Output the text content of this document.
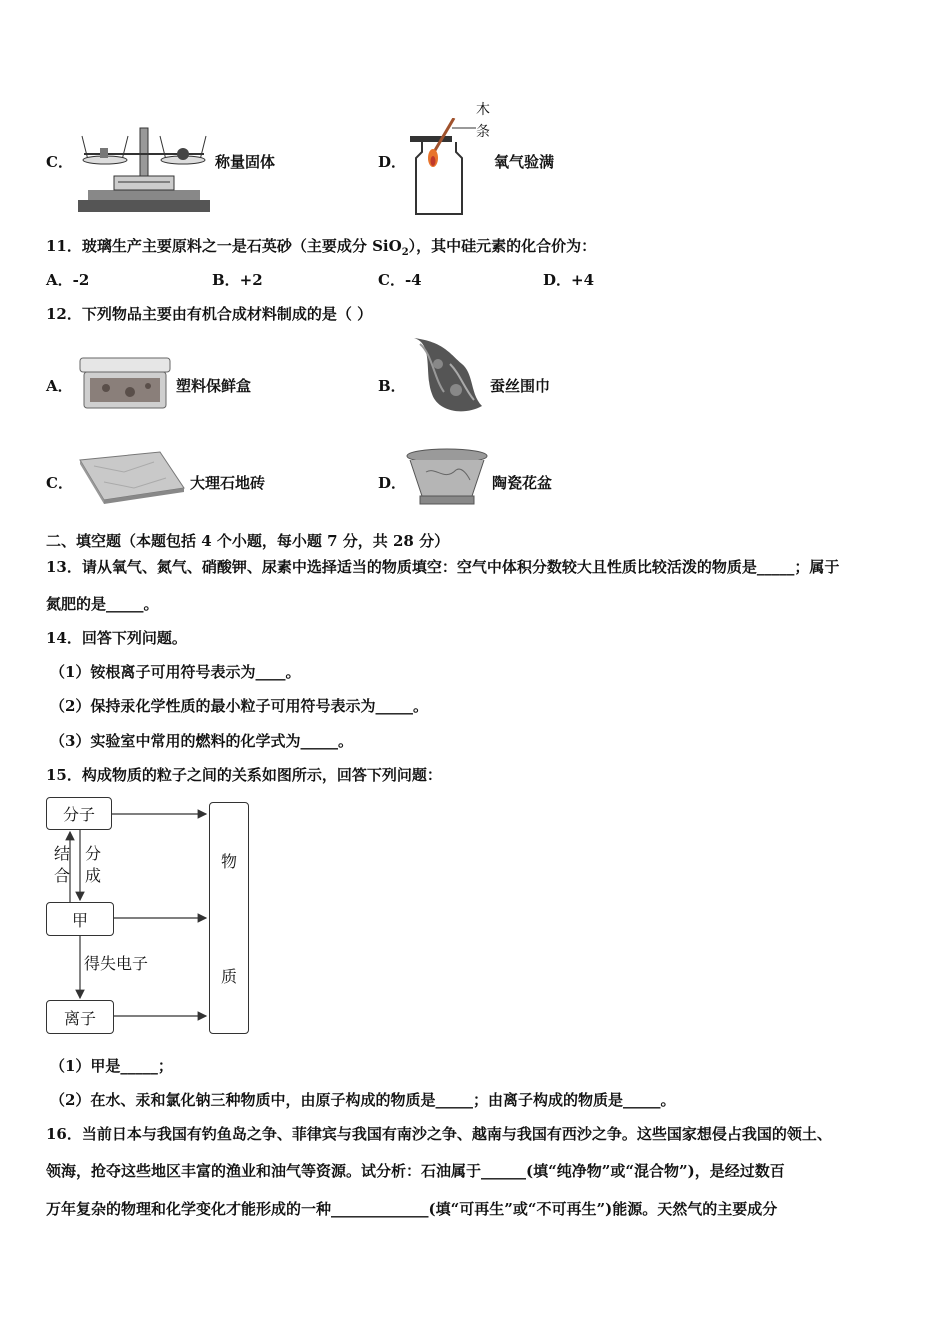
C．	称量固体	D．
木
条
氧气验满
11．玻璃生产主要原料之一是石英砂（主要成分 SiO$_2$），其中硅元素的化合价为：
A．-2	B．+2	C．-4	D．+4
12．下列物品主要由有机合成材料制成的是（ ）
A．	塑料保鲜盒	B．	蚕丝围巾
C．	大理石地砖	D．	陶瓷花盆
二、填空题（本题包括 4 个小题，每小题 7 分，共 28 分）
13．请从氧气、氮气、硝酸钾、尿素中选择适当的物质填空：空气中体积分数较大且性质比较活泼的物质是_____；属于
氮肥的是_____。
14．回答下列问题。
（1）铵根离子可用符号表示为____。
（2）保持汞化学性质的最小粒子可用符号表示为_____。
（3）实验室中常用的燃料的化学式为_____。
15．构成物质的粒子之间的关系如图所示，回答下列问题：
分子
甲
离子
物
质
结
合
分
成
得失电子
（1）甲是_____；
（2）在水、汞和氯化钠三种物质中，由原子构成的物质是_____；由离子构成的物质是_____。
16．当前日本与我国有钓鱼岛之争、菲律宾与我国有南沙之争、越南与我国有西沙之争。这些国家想侵占我国的领土、
领海，抢夺这些地区丰富的渔业和油气等资源。试分析：石油属于______(填“纯净物”或“混合物”)，是经过数百
万年复杂的物理和化学变化才能形成的一种_____________(填“可再生”或“不可再生”)能源。天然气的主要成分
